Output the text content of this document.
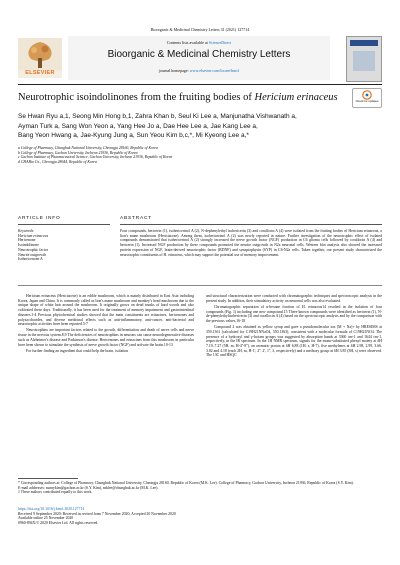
Bioorganic & Medicinal Chemistry Letters 31 (2021) 127714
ELSEVIER
Contents lists available at ScienceDirect
Bioorganic & Medicinal Chemistry Letters
journal homepage: www.elsevier.com/locate/bmcl
Neurotrophic isoindolinones from the fruiting bodies of Hericium erinaceus	Check for updates
Se Hwan Ryu a,1, Seong Min Hong b,1, Zahra Khan b, Seul Ki Lee a, Manjunatha Vishwanath a,
Ayman Turk a, Sang Won Yeon a, Yang Hee Jo a, Dae Hee Lee a, Jae Kang Lee a,
Bang Yeon Hwang a, Jae-Kyung Jung a, Sun Yeou Kim b,c,*, Mi Kyeong Lee a,*
a College of Pharmacy, Chungbuk National University, Cheongju 28160, Republic of Korea
b College of Pharmacy, Gachon University, Incheon 21936, Republic of Korea
c Gachon Institute of Pharmaceutical Science, Gachon University, Incheon 21936, Republic of Korea
d CHABio Co., Cheongju 28644, Republic of Korea
ARTICLE INFO	ABSTRACT
Keywords:
Hericium erinaceus
Hericenone
Isoindolinone
Neurotrophic factor
Neurite outgrowth
Isohericenone A
Four compounds, hericerin (1), isohericerinol A (2), N-dephenylethyl isohericerin (3) and corallocin A (4) were isolated from the fruiting bodies of Hericium erinaceus, a lion's mane mushroom (Hericiaceae). Among them, isohericerinol A (2) was newly reported in nature. Further investigation of the neurotrophic effect of isolated compounds demonstrated that isohericerinol A (2) strongly increased the nerve growth factor (NGF) production in C6 glioma cells followed by corallocin A (4) and hericerin (1). Increased NGF production by these compounds promoted the neurite outgrowth in N2a neuronal cells. Western blot analysis also showed the increased protein expression of NGF, brain-derived neurotrophic factor (BDNF) and synaptophysin (SYP) in C6-N2a cells. Taken together, our present study characterized the neurotrophic constituents of H. erinaceus, which may support the potential use of memory improvement.

Hericium erinaceus (Hericiaceae) is an edible mushroom, which is mainly distributed in East Asia including Korea, Japan and China. It is commonly called as lion's mane mushroom and monkey's head mushroom due to the unique shape of white hair around the mushroom. It originally grows on dead trunks of hard woods and also cultivated these days. Traditionally, it has been used for the treatment of memory impairment and gastrointestinal diseases.1-4 Previous phytochemical studies showed that the main constituents are erinacines, hericenones and polysaccharides, and diverse medicinal effects such as anti-inflammatory, anti-cancer, anti-bacterial and neurotrophic activities have been reported.5-7

Neurotrophins are important factors related to the growth, differentiation and death of nerve cells and nerve tissue in the nervous system.8,9 The deficiencies of neurotrophins in neurons can cause neurodegenerative diseases such as Alzheimer's disease and Parkinson's disease. Hericenones and erinacines from this mushroom in particular have been shown to stimulate the synthesis of nerve growth factor (NGF) and activate the brain.10-13

For further finding an ingredient that could help the brain, isolation

and structural characterization were conducted with chromatographic techniques and spectroscopic analysis in the present study. In addition, their stimulatory activity on neuronal cells was also evaluated.

Chromatographic separation of n-hexane fraction of H. erinaceus14 resulted in the isolation of four compounds (Fig. 1) including one new compound.15 Three known compounds were identified as hericerin (1), N-de-phenylethylisohericerin (3) and corallocin A (4) based on the spectroscopic analysis and by the comparison with the previous values.16-18

Compound 2 was obtained as yellow syrup and gave a pseudomolecular ion [M + Na]+ by HRESIMS at 350.1361 (calculated for C19H21NNaO4, 350.1363), consistent with a molecular formula of C19H21NO4. The presence of a hydroxyl and γ-lactam groups was suggested by absorption bands at 3360 cm-1 and 1644 cm-1, respectively, in the IR spectrum. In the 1H NMR spectrum, signals for the mono-substituted phenyl moiety at δH 7.19–7.27 (5H, m, H-4''-8''), an aromatic proton at δH 6.88 (1H, s, H-7), five methylenes at δH 2.98, 2.99, 3.66, 3.82 and 4.18 (each 2H, m, H-1', 2'', 2', 1'', 3, respectively) and a methoxy group at δH 3.85 (3H, s) were observed. The 13C and HSQC

* Corresponding authors at: College of Pharmacy, Chungbuk National University, Cheongju 28160, Republic of Korea (M.K. Lee). College of Pharmacy, Gachon University, Incheon 21936, Republic of Korea (S.Y. Kim).
E-mail addresses: sunnykim@gachon.ac.kr (S.Y. Kim), mklee@chungbuk.ac.kr (M.K. Lee).
1 These authors contributed equally to this work.
https://doi.org/10.1016/j.bmcl.2020.127714
Received 9 September 2020; Received in revised form 7 November 2020; Accepted 20 November 2020
Available online 25 November 2020
0960-894X/© 2020 Elsevier Ltd. All rights reserved.
